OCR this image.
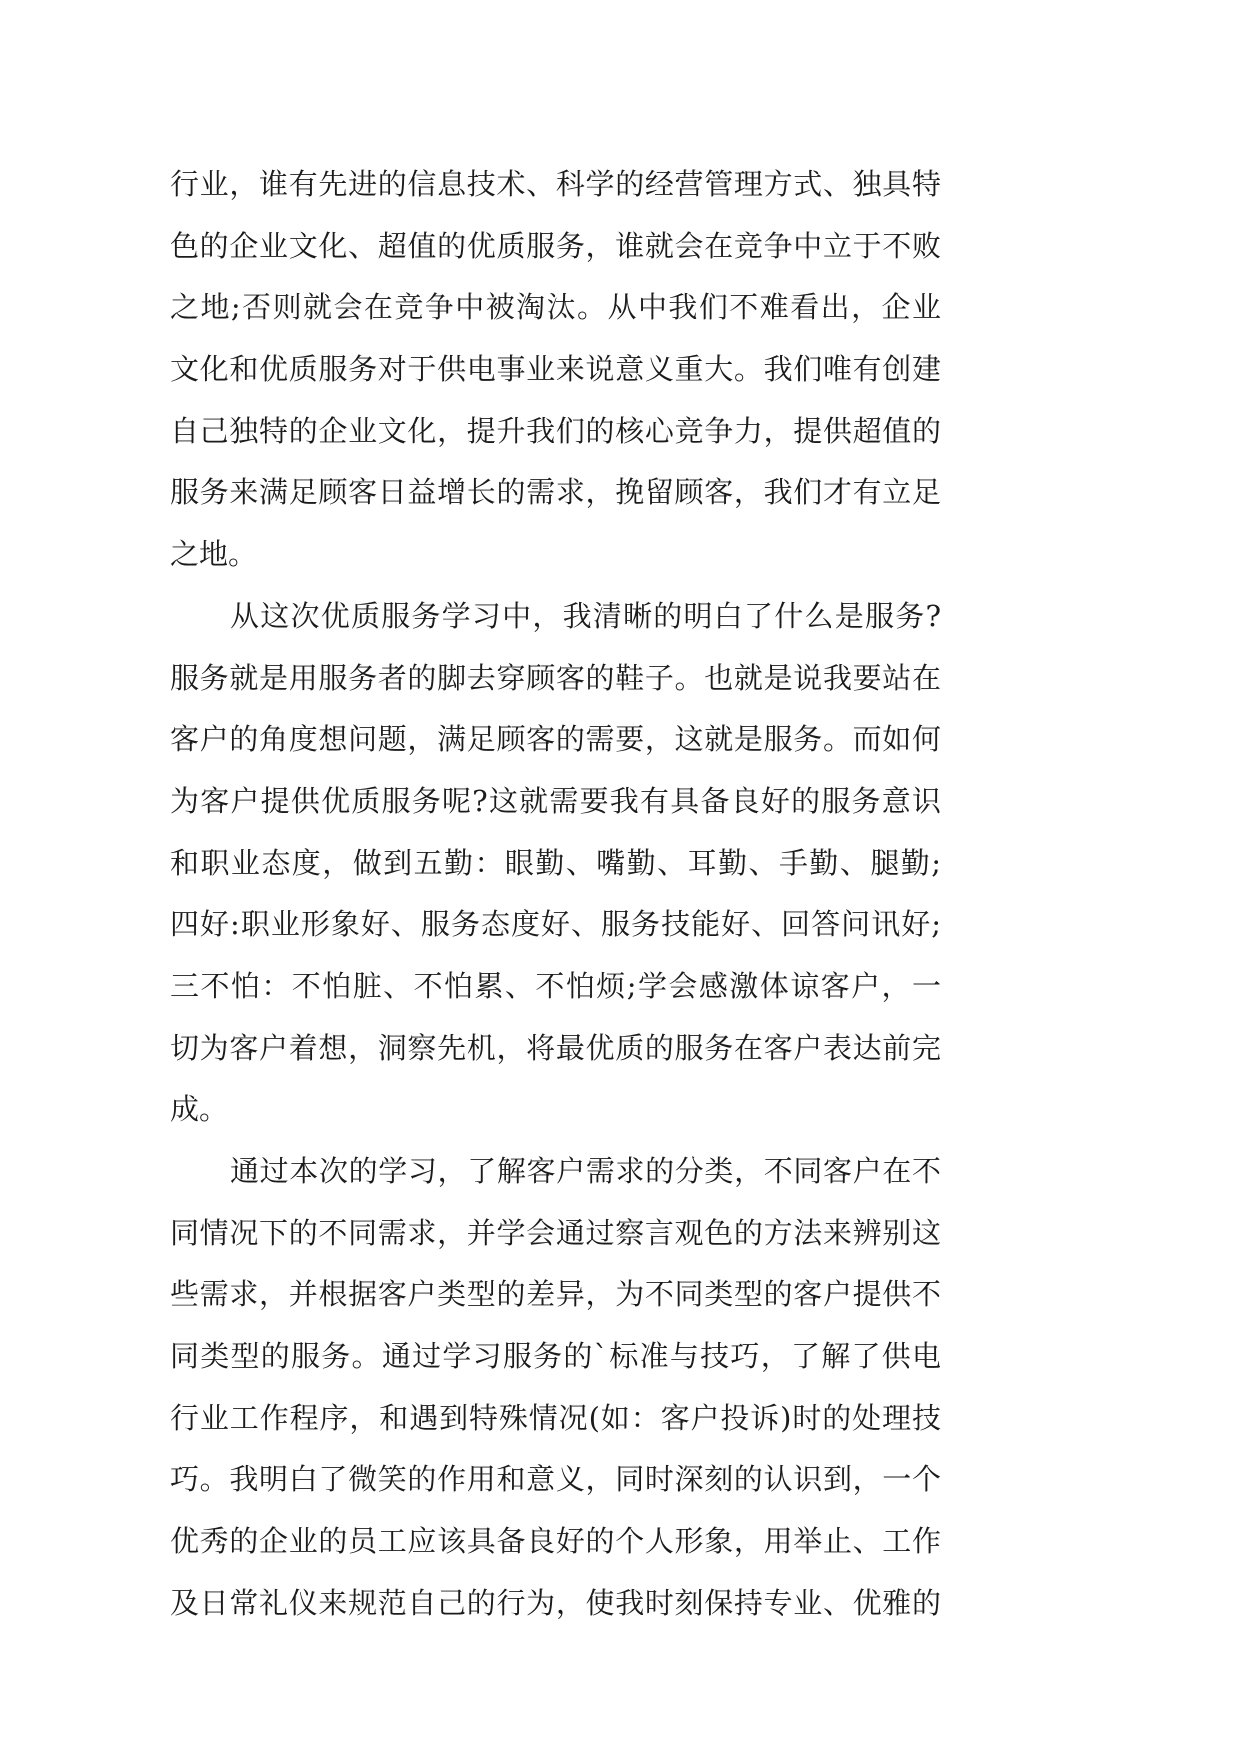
行业，谁有先进的信息技术、科学的经营管理方式、独具特
色的企业文化、超值的优质服务，谁就会在竞争中立于不败
之地;否则就会在竞争中被淘汰。从中我们不难看出，企业
文化和优质服务对于供电事业来说意义重大。我们唯有创建
自己独特的企业文化，提升我们的核心竞争力，提供超值的
服务来满足顾客日益增长的需求，挽留顾客，我们才有立足
之地。
从这次优质服务学习中，我清晰的明白了什么是服务?
服务就是用服务者的脚去穿顾客的鞋子。也就是说我要站在
客户的角度想问题，满足顾客的需要，这就是服务。而如何
为客户提供优质服务呢?这就需要我有具备良好的服务意识
和职业态度，做到五勤：眼勤、嘴勤、耳勤、手勤、腿勤;
四好:职业形象好、服务态度好、服务技能好、回答问讯好;
三不怕：不怕脏、不怕累、不怕烦;学会感激体谅客户，一
切为客户着想，洞察先机，将最优质的服务在客户表达前完
成。
通过本次的学习，了解客户需求的分类，不同客户在不
同情况下的不同需求，并学会通过察言观色的方法来辨别这
些需求，并根据客户类型的差异，为不同类型的客户提供不
同类型的服务。通过学习服务的`标准与技巧，了解了供电
行业工作程序，和遇到特殊情况(如：客户投诉)时的处理技
巧。我明白了微笑的作用和意义，同时深刻的认识到，一个
优秀的企业的员工应该具备良好的个人形象，用举止、工作
及日常礼仪来规范自己的行为，使我时刻保持专业、优雅的
